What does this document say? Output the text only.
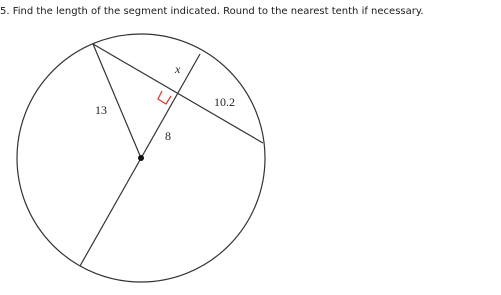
5. Find the length of the segment indicated. Round to the nearest tenth if necessary.
13
8
x
10.2
